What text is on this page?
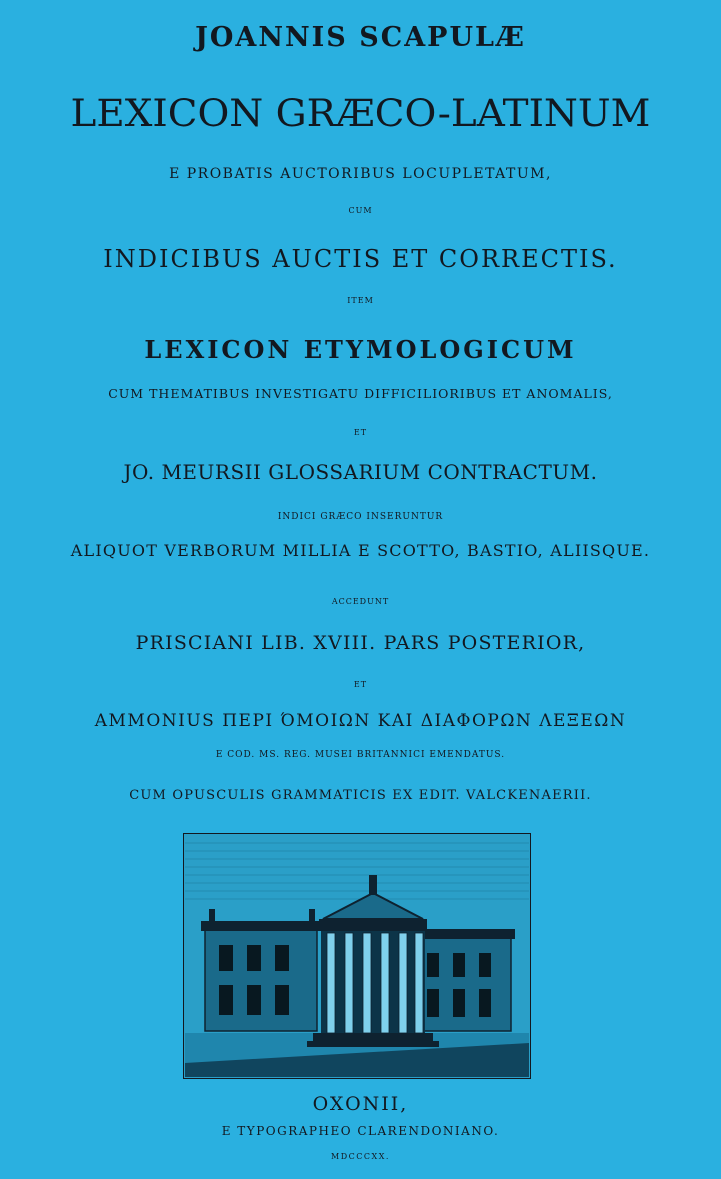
JOANNIS SCAPULÆ
LEXICON GRÆCO-LATINUM
E PROBATIS AUCTORIBUS LOCUPLETATUM,
CUM
INDICIBUS AUCTIS ET CORRECTIS.
ITEM
LEXICON ETYMOLOGICUM
CUM THEMATIBUS INVESTIGATU DIFFICILIORIBUS ET ANOMALIS,
ET
JO. MEURSII GLOSSARIUM CONTRACTUM.
INDICI GRÆCO INSERUNTUR
ALIQUOT VERBORUM MILLIA E SCOTTO, BASTIO, ALIISQUE.
ACCEDUNT
PRISCIANI LIB. XVIII. PARS POSTERIOR,
ET
AMMONIUS ΠΕΡΙ ΌΜΟΙΩΝ ΚΑΙ ΔΙΑΦΟΡΩΝ ΛΕΞΕΩΝ
E COD. MS. REG. MUSEI BRITANNICI EMENDATUS.
CUM OPUSCULIS GRAMMATICIS EX EDIT. VALCKENAERII.
OXONII,
E TYPOGRAPHEO CLARENDONIANO.
MDCCCXX.
